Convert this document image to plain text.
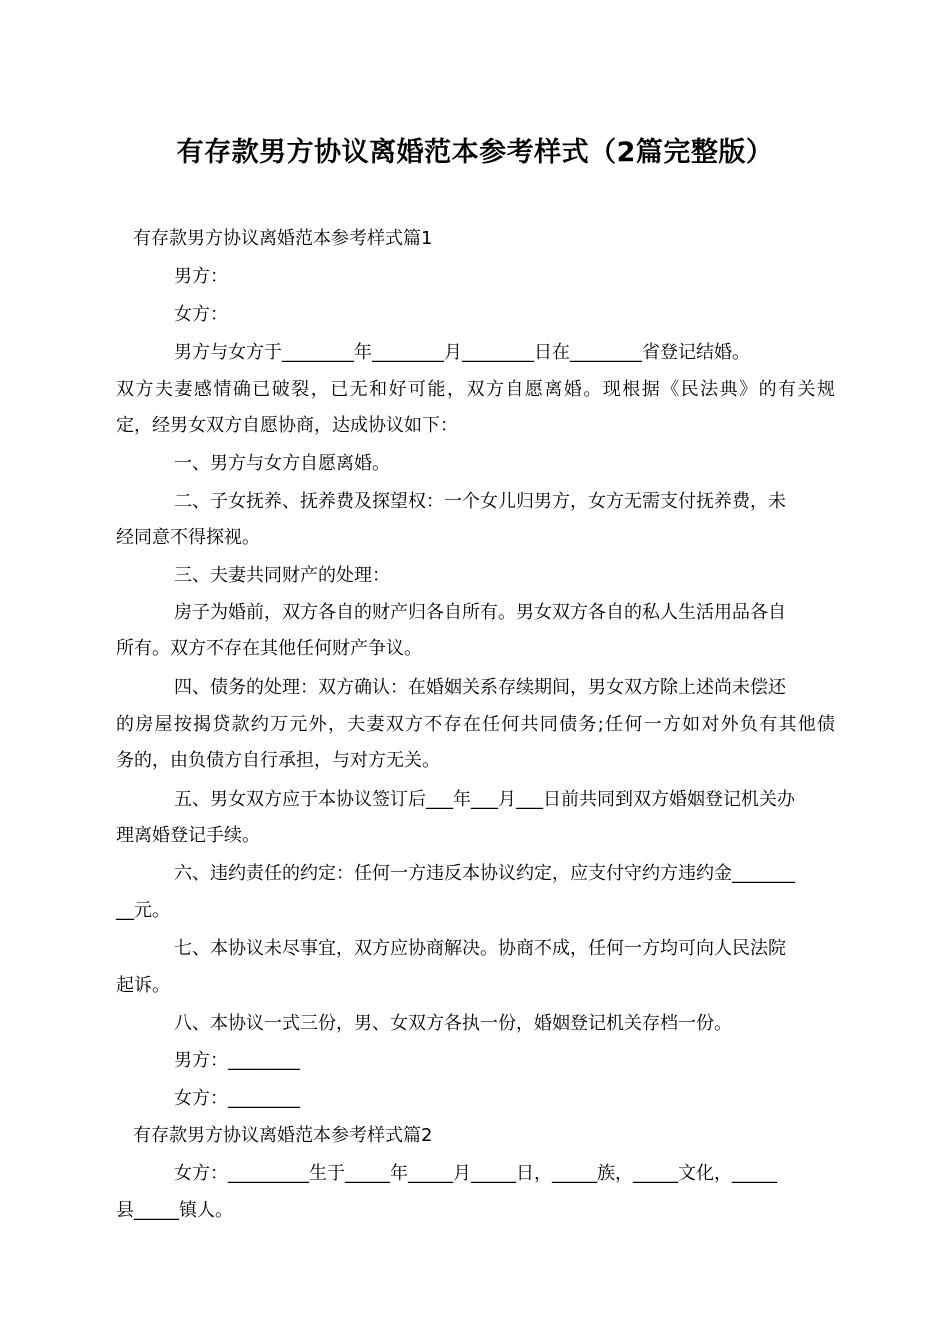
有存款男方协议离婚范本参考样式（2篇完整版）
有存款男方协议离婚范本参考样式篇1
男方：
女方：
男方与女方于________年________月________日在________省登记结婚。
双方夫妻感情确已破裂，已无和好可能，双方自愿离婚。现根据《民法典》的有关规
定，经男女双方自愿协商，达成协议如下：
一、男方与女方自愿离婚。
二、子女抚养、抚养费及探望权：一个女儿归男方，女方无需支付抚养费，未
经同意不得探视。
三、夫妻共同财产的处理：
房子为婚前，双方各自的财产归各自所有。男女双方各自的私人生活用品各自
所有。双方不存在其他任何财产争议。
四、债务的处理：双方确认：在婚姻关系存续期间，男女双方除上述尚未偿还
的房屋按揭贷款约万元外，夫妻双方不存在任何共同债务;任何一方如对外负有其他债
务的，由负债方自行承担，与对方无关。
五、男女双方应于本协议签订后___年___月___日前共同到双方婚姻登记机关办
理离婚登记手续。
六、违约责任的约定：任何一方违反本协议约定，应支付守约方违约金_______
__元。
七、本协议未尽事宜，双方应协商解决。协商不成，任何一方均可向人民法院
起诉。
八、本协议一式三份，男、女双方各执一份，婚姻登记机关存档一份。
男方：________
女方：________
有存款男方协议离婚范本参考样式篇2
女方：_________生于_____年_____月_____日，_____族，_____文化，_____
县_____镇人。
